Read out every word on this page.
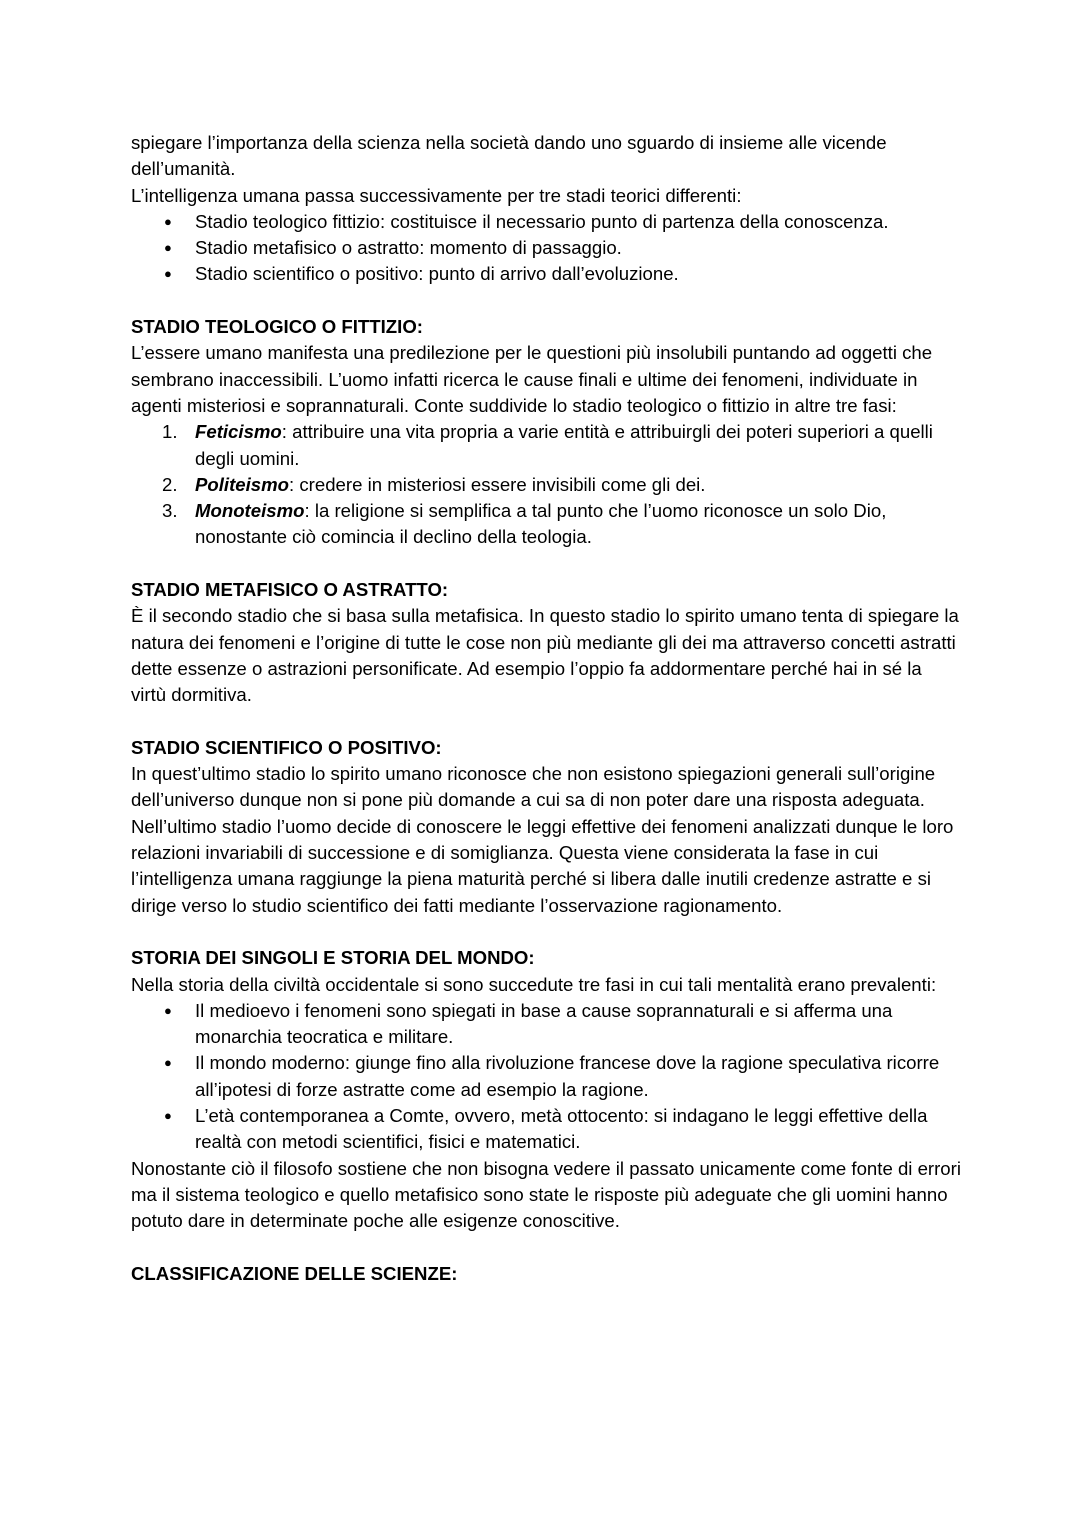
spiegare l’importanza della scienza nella società dando uno sguardo di insieme alle vicende dell’umanità.

L’intelligenza umana passa successivamente per tre stadi teorici differenti:

● Stadio teologico fittizio: costituisce il necessario punto di partenza della conoscenza.
● Stadio metafisico o astratto: momento di passaggio.
● Stadio scientifico o positivo: punto di arrivo dall’evoluzione.
STADIO TEOLOGICO O FITTIZIO:

L’essere umano manifesta una predilezione per le questioni più insolubili puntando ad oggetti che sembrano inaccessibili. L’uomo infatti ricerca le cause finali e ultime dei fenomeni, individuate in agenti misteriosi e soprannaturali. Conte suddivide lo stadio teologico o fittizio in altre tre fasi:

1. Feticismo: attribuire una vita propria a varie entità e attribuirgli dei poteri superiori a quelli degli uomini.
2. Politeismo: credere in misteriosi essere invisibili come gli dei.
3. Monoteismo: la religione si semplifica a tal punto che l’uomo riconosce un solo Dio, nonostante ciò comincia il declino della teologia.
STADIO METAFISICO O ASTRATTO:

È il secondo stadio che si basa sulla metafisica. In questo stadio lo spirito umano tenta di spiegare la natura dei fenomeni e l’origine di tutte le cose non più mediante gli dei ma attraverso concetti astratti dette essenze o astrazioni personificate. Ad esempio l’oppio fa addormentare perché hai in sé la virtù dormitiva.

STADIO SCIENTIFICO O POSITIVO:

In quest’ultimo stadio lo spirito umano riconosce che non esistono spiegazioni generali sull’origine dell’universo dunque non si pone più domande a cui sa di non poter dare una risposta adeguata.

Nell’ultimo stadio l’uomo decide di conoscere le leggi effettive dei fenomeni analizzati dunque le loro relazioni invariabili di successione e di somiglianza. Questa viene considerata la fase in cui l’intelligenza umana raggiunge la piena maturità perché si libera dalle inutili credenze astratte e si dirige verso lo studio scientifico dei fatti mediante l’osservazione ragionamento.

STORIA DEI SINGOLI E STORIA DEL MONDO:

Nella storia della civiltà occidentale si sono succedute tre fasi in cui tali mentalità erano prevalenti:

● Il medioevo i fenomeni sono spiegati in base a cause soprannaturali e si afferma una monarchia teocratica e militare.
● Il mondo moderno: giunge fino alla rivoluzione francese dove la ragione speculativa ricorre all’ipotesi di forze astratte come ad esempio la ragione.
● L’età contemporanea a Comte, ovvero, metà ottocento: si indagano le leggi effettive della realtà con metodi scientifici, fisici e matematici.

Nonostante ciò il filosofo sostiene che non bisogna vedere il passato unicamente come fonte di errori ma il sistema teologico e quello metafisico sono state le risposte più adeguate che gli uomini hanno potuto dare in determinate poche alle esigenze conoscitive.

CLASSIFICAZIONE DELLE SCIENZE:
